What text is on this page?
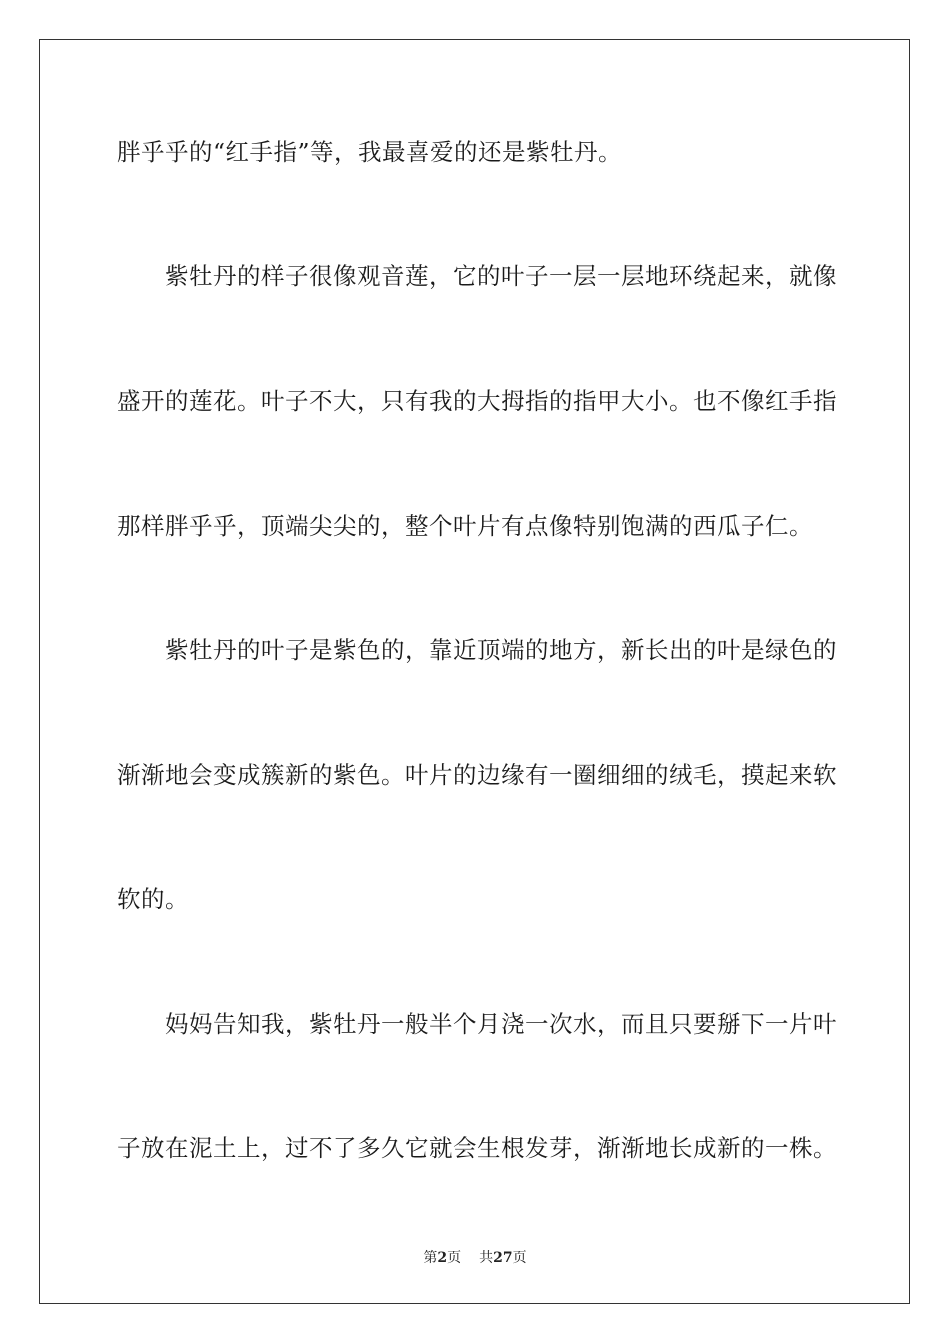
胖乎乎的“红手指”等，我最喜爱的还是紫牡丹。
紫牡丹的样子很像观音莲，它的叶子一层一层地环绕起来，就像
盛开的莲花。叶子不大，只有我的大拇指的指甲大小。也不像红手指
那样胖乎乎，顶端尖尖的，整个叶片有点像特别饱满的西瓜子仁。
紫牡丹的叶子是紫色的，靠近顶端的地方，新长出的叶是绿色的
渐渐地会变成簇新的紫色。叶片的边缘有一圈细细的绒毛，摸起来软
软的。
妈妈告知我，紫牡丹一般半个月浇一次水，而且只要掰下一片叶
子放在泥土上，过不了多久它就会生根发芽，渐渐地长成新的一株。
第2页 共27页
